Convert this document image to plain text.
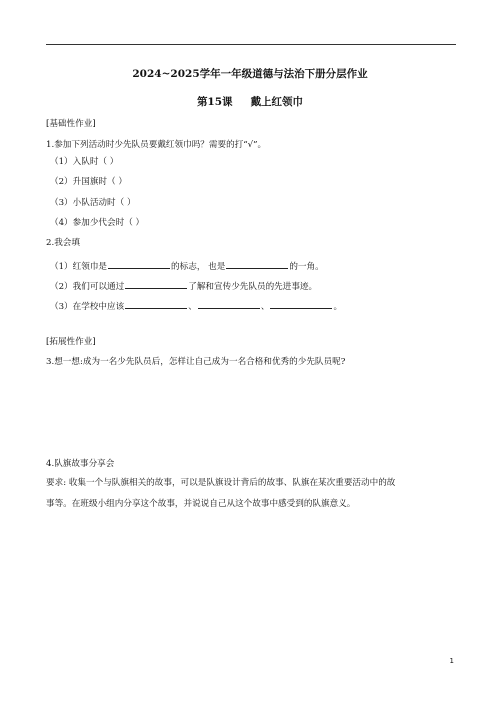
2024~2025学年一年级道德与法治下册分层作业
第15课 戴上红领巾
[基础性作业]
1.参加下列活动时少先队员要戴红领巾吗？需要的打“√”。
（1）入队时（ ）
（2）升国旗时（ ）
（3）小队活动时（ ）
（4）参加少代会时（ ）
2.我会填
（1）红领巾是	的标志， 也是	的一角。
（2）我们可以通过	了解和宣传少先队员的先进事迹。
（3）在学校中应该	、	、	。
[拓展性作业]
3.想一想:成为一名少先队员后，怎样让自己成为一名合格和优秀的少先队员呢?
4.队旗故事分享会
要求: 收集一个与队旗相关的故事，可以是队旗设计背后的故事、队旗在某次重要活动中的故
事等。在班级小组内分享这个故事，并说说自己从这个故事中感受到的队旗意义。
1
